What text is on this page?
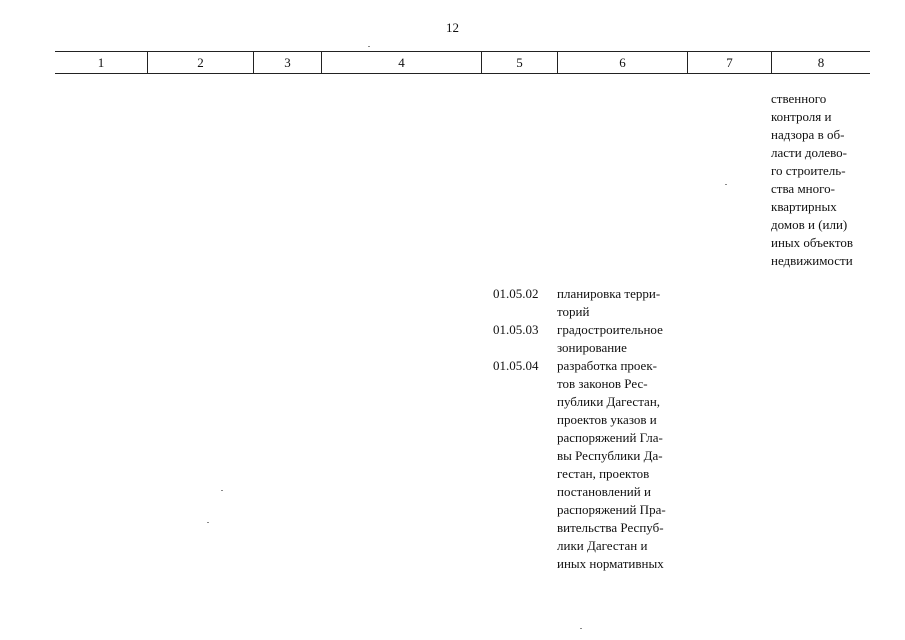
12
1	2	3	4	5	6	7	8
ственного
контроля и
надзора в об-
ласти долево-
го строитель-
ства много-
квартирных
домов и (или)
иных объектов
недвижимости
01.05.02 планировка терри-
торий
01.05.03 градостроительное
зонирование
01.05.04 разработка проек-
тов законов Рес-
публики Дагестан,
проектов указов и
распоряжений Гла-
вы Республики Да-
гестан, проектов
постановлений и
распоряжений Пра-
вительства Респуб-
лики Дагестан и
иных нормативных
